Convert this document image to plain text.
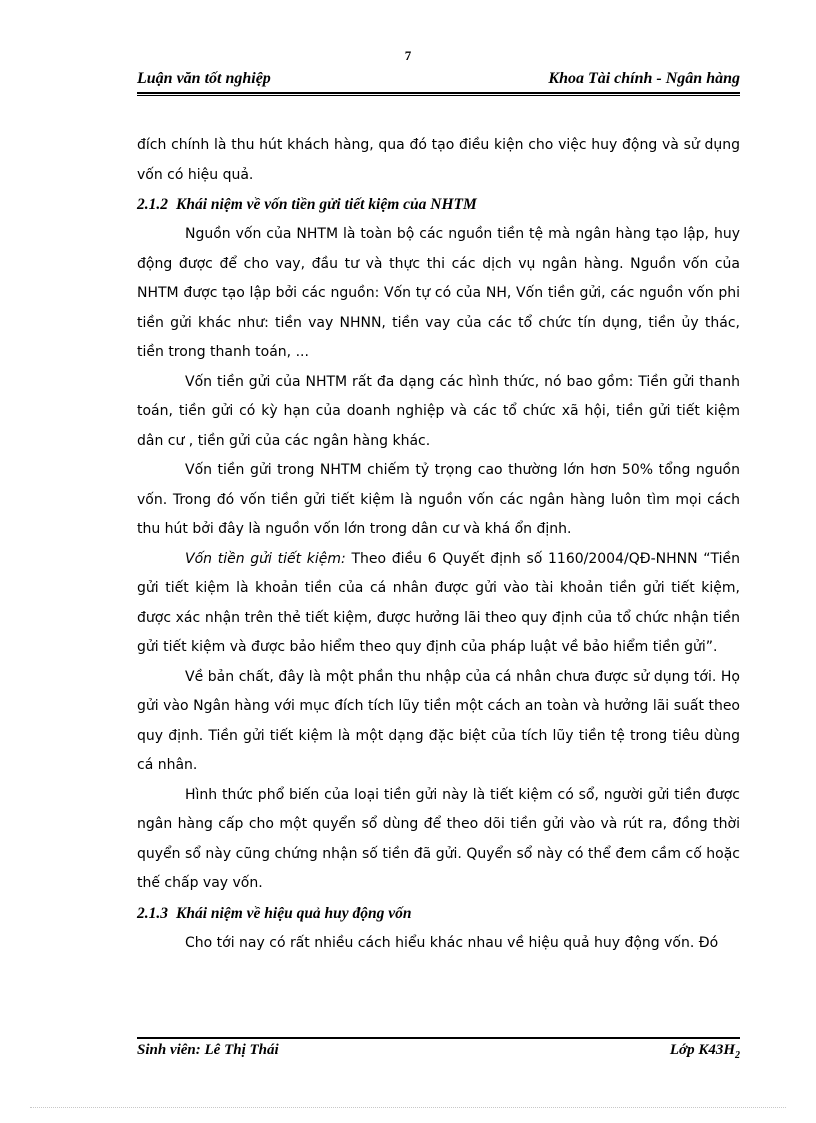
7
Luận văn tốt nghiệp	Khoa Tài chính - Ngân hàng

đích chính là thu hút khách hàng, qua đó tạo điều kiện cho việc huy động và sử dụng vốn có hiệu quả.

2.1.2 Khái niệm về vốn tiền gửi tiết kiệm của NHTM

Nguồn vốn của NHTM là toàn bộ các nguồn tiền tệ mà ngân hàng tạo lập, huy động được để cho vay, đầu tư và thực thi các dịch vụ ngân hàng. Nguồn vốn của NHTM được tạo lập bởi các nguồn: Vốn tự có của NH, Vốn tiền gửi, các nguồn vốn phi tiền gửi khác như: tiền vay NHNN, tiền vay của các tổ chức tín dụng, tiền ủy thác, tiền trong thanh toán, ...

Vốn tiền gửi của NHTM rất đa dạng các hình thức, nó bao gồm: Tiền gửi thanh toán, tiền gửi có kỳ hạn của doanh nghiệp và các tổ chức xã hội, tiền gửi tiết kiệm dân cư , tiền gửi của các ngân hàng khác.

Vốn tiền gửi trong NHTM chiếm tỷ trọng cao thường lớn hơn 50% tổng nguồn vốn. Trong đó vốn tiền gửi tiết kiệm là nguồn vốn các ngân hàng luôn tìm mọi cách thu hút bởi đây là nguồn vốn lớn trong dân cư và khá ổn định.

Vốn tiền gửi tiết kiệm: Theo điều 6 Quyết định số 1160/2004/QĐ-NHNN “Tiền gửi tiết kiệm là khoản tiền của cá nhân được gửi vào tài khoản tiền gửi tiết kiệm, được xác nhận trên thẻ tiết kiệm, được hưởng lãi theo quy định của tổ chức nhận tiền gửi tiết kiệm và được bảo hiểm theo quy định của pháp luật về bảo hiểm tiền gửi”.

Về bản chất, đây là một phần thu nhập của cá nhân chưa được sử dụng tới. Họ gửi vào Ngân hàng với mục đích tích lũy tiền một cách an toàn và hưởng lãi suất theo quy định. Tiền gửi tiết kiệm là một dạng đặc biệt của tích lũy tiền tệ trong tiêu dùng cá nhân.

Hình thức phổ biến của loại tiền gửi này là tiết kiệm có sổ, người gửi tiền được ngân hàng cấp cho một quyển sổ dùng để theo dõi tiền gửi vào và rút ra, đồng thời quyển sổ này cũng chứng nhận số tiền đã gửi. Quyển sổ này có thể đem cầm cố hoặc thế chấp vay vốn.

2.1.3 Khái niệm về hiệu quả huy động vốn

Cho tới nay có rất nhiều cách hiểu khác nhau về hiệu quả huy động vốn. Đó

Sinh viên: Lê Thị Thái	Lớp $K43H_2$
